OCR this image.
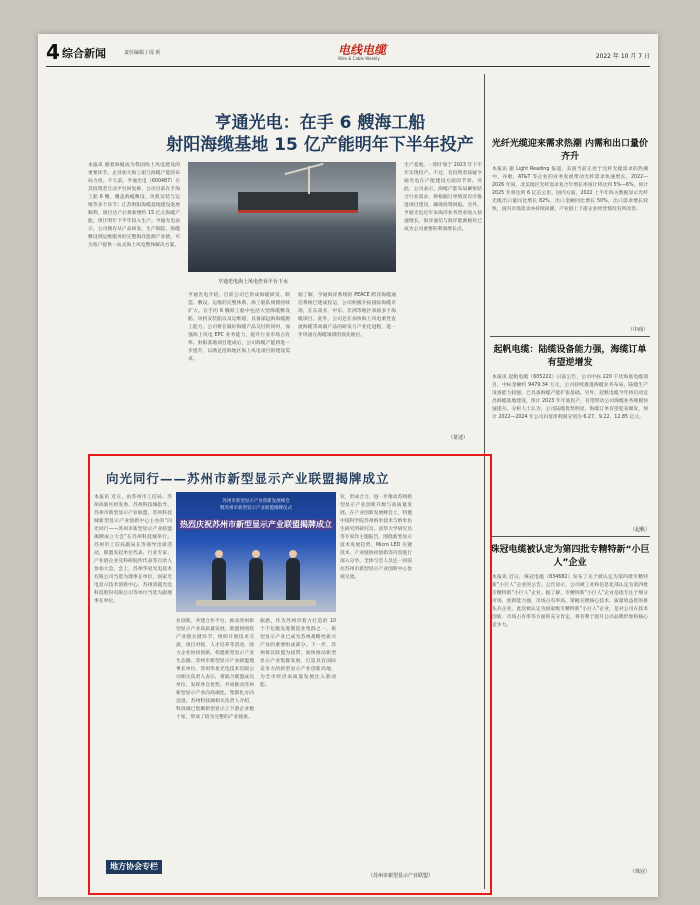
4 综合新闻	责任编辑 / 周 昕	电线电缆
Wire & Cable Weekly	2022 年 10 月 7 日
亨通光电：在手 6 艘海工船
射阳海缆基地 15 亿产能明年下半年投产
本报讯 随着海缆成为我国海上风电建设的重要环节，企业加大海工船与海缆产能的布局力度。不久前，亨通光电（600487）在其投资者互动平台回复称，公司目前在手海工船 6 艘，覆盖海缆敷设、风机安装与运维等多个环节；江苏射阳海缆基地建设进展顺利，项目达产后将新增约 15 亿元海缆产能，预计明年下半年投入生产。亨通光电表示，公司拥有从产品研发、生产制造、海缆敷设到运维服务的完整海洋能源产业链，可为客户提供一站式海上风电整体解决方案。
亨通光电海上风电作业平台下水
亨通光电介绍，目前公司已形成海缆研发、制造、敷设、运维的完整体系，海工船队规模持续扩大。在手的 6 艘海工船中包括大型海缆敷设船、风机安装船以及运维船，具备深远海海缆施工能力。公司将在做好海缆产品交付的同时，加强海上风电 EPC 业务能力，提升行业市场占有率。射阳基地项目建成后，公司海缆产能将进一步提升，以满足沿海地区海上风电项目的建设需求。
据了解，亨通海洋系统的 PEACE 跨洋海缆通信系统已建成投运，公司积极开拓国际海缆市场，在东南亚、中东、非洲等地区承接多个海缆项目。此外，公司还在加快海上风电柔性直流海缆等高端产品的研发与产业化进程，进一步巩固在海缆领域的领先地位。
生产基地，一期计划于 2023 年下半年实现投产。不过，有投资者质疑亨通光电在产能建设方面的节奏。对此，公司表示，海缆产能布局紧密结合行业需求，将根据订单情况有序推进项目建设，确保投资回报。另外，亨通光电近年来海洋业务营业收入快速增长，海洋通信与海洋能源板块已成为公司重要的利润增长点。
（常述）
光纤光缆迎来需求热潮 内需和出口量价齐升
本报讯 据 Light Reading 报道，美国当前正处于光纤光缆需求的热潮中，谷歌、AT&T 等企业的业务发展带动光纤需求快速增长。2022—2026 年间，北美地区光纤需求复合年增长率预计将达到 5%—6%，预计 2025 年将达到 6 亿芯公里。国内方面，2022 上半年海关数据显示光纤光缆出口量同比增长 82%，出口金额同比增长 50%，出口需求增长较快，国内市场需求亦持续回暖，产业链上下游企业经营情况有所改善。
（中商）
起帆电缆：陆缆设备能力强，海缆订单有望逆增发
本报讯 起帆电缆（605222）日前公告，公司中标 220 千伏海底电缆项目，中标金额约 9479.34 万元。公司持续推进海缆业务布局，陆缆生产设备能力较强，已具备海缆产能扩张基础。另外，起帆电缆今年将启动宜昌海缆基地建设，预计 2023 年年底投产，有望带动公司海缆业务规模快速提升。分析人士认为，公司陆缆优势明显，海缆订单有望迎来爆发，预计 2022—2024 年公司归母净利润分别为 6.27、9.22、12.85 亿元。
（起帆）
珠冠电缆被认定为第四批专精特新“小巨人”企业
本报讯 近日，珠冠电缆（834682）发布了关于被认定为第四批专精特新“小巨人”企业的公告。公告显示，公司被工业和信息化部认定为第四批专精特新“小巨人”企业。据了解，专精特新“小巨人”企业是指专注于细分市场、创新能力强、市场占有率高、掌握关键核心技术、质量效益优的排头兵企业。此次被认定为国家级专精特新“小巨人”企业，是对公司在技术创新、市场占有率等方面的充分肯定，将有利于提升公司品牌形象和核心竞争力。
（珠冠）
向光同行——苏州市新型显示产业联盟揭牌成立
本报讯 近日，由苏州市工信局、苏州高新区经发委、苏州科技城指导，苏州市新型显示产业联盟、苏州科技城新型显示产业创新中心主办的“向光同行——苏州市新型显示产业联盟揭牌成立大会”在苏州科技城举行。苏州市工信局副局长等领导出席活动，联盟发起单位代表、行业专家、产业链企业及科研院所代表等百余人参加大会。会上，苏州华星光电技术有限公司当选为理事长单位，国家光电显示技术创新中心、苏州清越光电科技股份有限公司等单位当选为副理事长单位。
苏州市新型显示产业创新发展峰会
暨苏州市新型显示产业联盟揭牌仪式
热烈庆祝苏州市新型显示产业联盟揭牌成立
业创新，共建合作平台，推动苏州新型显示产业高质量发展。联盟将围绕产业链关键环节，组织开展技术交流、项目对接、人才培养等活动，助力企业协同创新，构建新型显示产业生态圈。苏州市新型显示产业联盟理事长单位、苏州华星光电技术有限公司相关负责人表示，将联合联盟成员单位，发挥各自优势，共同推动苏州新型显示产业向高端化、集群化方向迈进。苏州科技城相关负责人介绍，科技城已集聚新型显示上下游企业数十家，形成了较为完整的产业链条。
业，形成合力，进一步推动苏州新型显示产业创新升级与高质量发展。在产业创新发展峰会上，特邀中国科学院苏州纳米技术与纳米仿生研究所研究员、清华大学研究员等专家作主题报告，围绕新型显示技术发展趋势、Micro LED 关键技术、产业链协同创新等内容进行深入分享。全体与会人员还一同前往苏州市新型显示产业创新中心参观交流。
据悉，作为苏州市着力打造的 10 个千亿级先进制造业集群之一，新型显示产业已成为苏州战略性新兴产业的重要组成部分。下一步，苏州将以联盟为纽带，加快推动新型显示产业集群发展，打造具有国际竞争力的新型显示产业创新高地，为全市经济高质量发展注入新动能。
（苏州市新型显示产业联盟）
地方协会专栏
